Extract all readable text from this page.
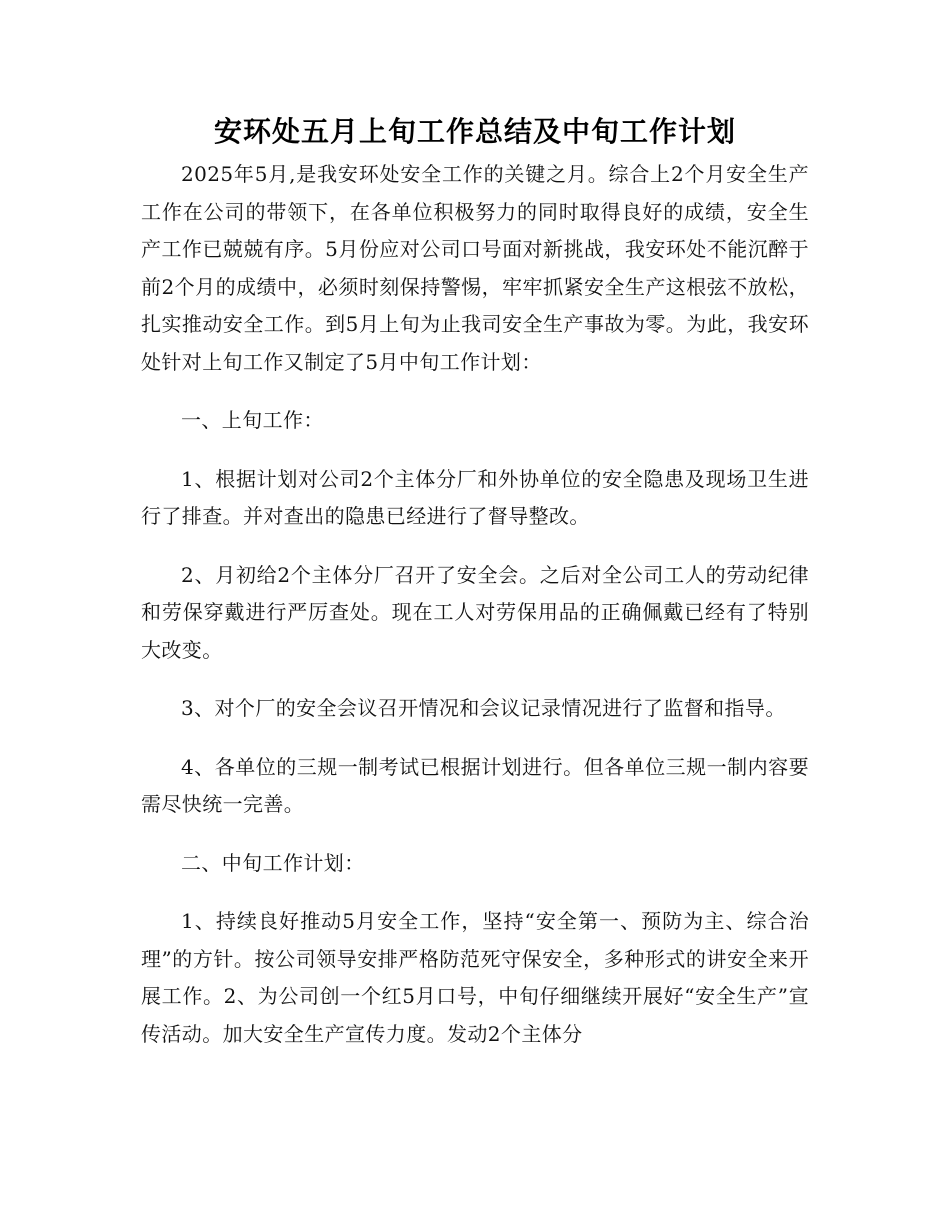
安环处五月上旬工作总结及中旬工作计划

2025年5月,是我安环处安全工作的关键之月。综合上2个月安全生产工作在公司的带领下，在各单位积极努力的同时取得良好的成绩，安全生产工作已兢兢有序。5月份应对公司口号面对新挑战，我安环处不能沉醉于前2个月的成绩中，必须时刻保持警惕，牢牢抓紧安全生产这根弦不放松，扎实推动安全工作。到5月上旬为止我司安全生产事故为零。为此，我安环处针对上旬工作又制定了5月中旬工作计划：

一、上旬工作：

1、根据计划对公司2个主体分厂和外协单位的安全隐患及现场卫生进行了排查。并对查出的隐患已经进行了督导整改。

2、月初给2个主体分厂召开了安全会。之后对全公司工人的劳动纪律和劳保穿戴进行严厉查处。现在工人对劳保用品的正确佩戴已经有了特别大改变。

3、对个厂的安全会议召开情况和会议记录情况进行了监督和指导。

4、各单位的三规一制考试已根据计划进行。但各单位三规一制内容要需尽快统一完善。

二、中旬工作计划：

1、持续良好推动5月安全工作，坚持“安全第一、预防为主、综合治理”的方针。按公司领导安排严格防范死守保安全，多种形式的讲安全来开展工作。2、为公司创一个红5月口号，中旬仔细继续开展好“安全生产”宣传活动。加大安全生产宣传力度。发动2个主体分
